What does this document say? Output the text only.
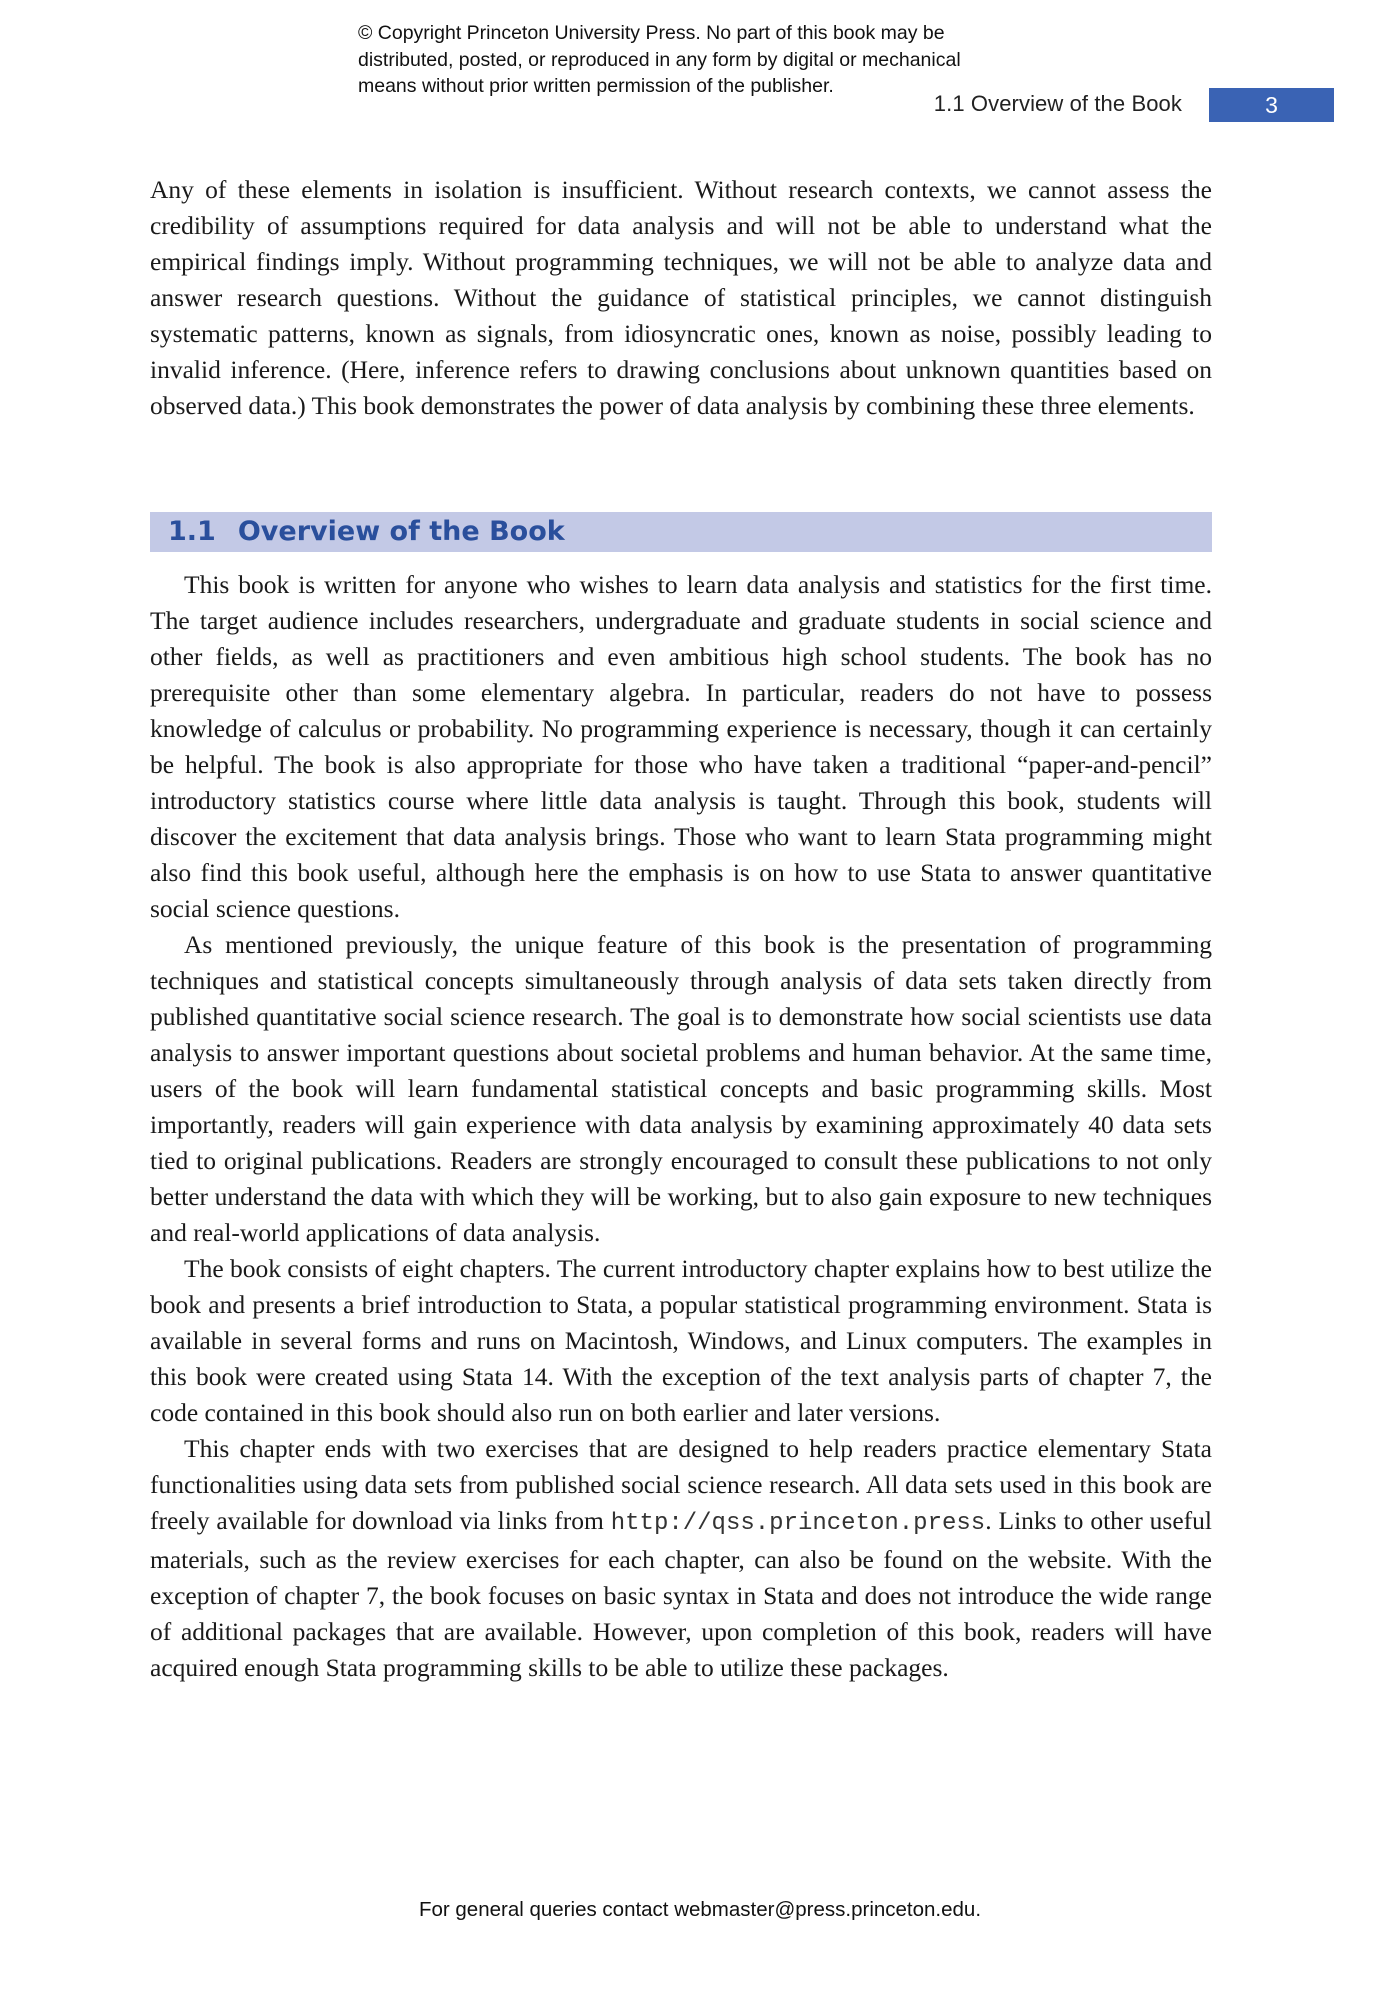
© Copyright Princeton University Press. No part of this book may be
distributed, posted, or reproduced in any form by digital or mechanical
means without prior written permission of the publisher.
1.1 Overview of the Book	3

Any of these elements in isolation is insufficient. Without research contexts, we cannot assess the credibility of assumptions required for data analysis and will not be able to understand what the empirical findings imply. Without programming techniques, we will not be able to analyze data and answer research questions. Without the guidance of statistical principles, we cannot distinguish systematic patterns, known as signals, from idiosyncratic ones, known as noise, possibly leading to invalid inference. (Here, inference refers to drawing conclusions about unknown quantities based on observed data.) This book demonstrates the power of data analysis by combining these three elements.

1.1 Overview of the Book

This book is written for anyone who wishes to learn data analysis and statistics for the first time. The target audience includes researchers, undergraduate and graduate students in social science and other fields, as well as practitioners and even ambitious high school students. The book has no prerequisite other than some elementary algebra. In particular, readers do not have to possess knowledge of calculus or probability. No programming experience is necessary, though it can certainly be helpful. The book is also appropriate for those who have taken a traditional “paper-and-pencil” introductory statistics course where little data analysis is taught. Through this book, students will discover the excitement that data analysis brings. Those who want to learn Stata programming might also find this book useful, although here the emphasis is on how to use Stata to answer quantitative social science questions.

As mentioned previously, the unique feature of this book is the presentation of programming techniques and statistical concepts simultaneously through analysis of data sets taken directly from published quantitative social science research. The goal is to demonstrate how social scientists use data analysis to answer important questions about societal problems and human behavior. At the same time, users of the book will learn fundamental statistical concepts and basic programming skills. Most importantly, readers will gain experience with data analysis by examining approximately 40 data sets tied to original publications. Readers are strongly encouraged to consult these publications to not only better understand the data with which they will be working, but to also gain exposure to new techniques and real-world applications of data analysis.

The book consists of eight chapters. The current introductory chapter explains how to best utilize the book and presents a brief introduction to Stata, a popular statistical programming environment. Stata is available in several forms and runs on Macintosh, Windows, and Linux computers. The examples in this book were created using Stata 14. With the exception of the text analysis parts of chapter 7, the code contained in this book should also run on both earlier and later versions.

This chapter ends with two exercises that are designed to help readers practice elementary Stata functionalities using data sets from published social science research. All data sets used in this book are freely available for download via links from http://qss.princeton.press. Links to other useful materials, such as the review exercises for each chapter, can also be found on the website. With the exception of chapter 7, the book focuses on basic syntax in Stata and does not introduce the wide range of additional packages that are available. However, upon completion of this book, readers will have acquired enough Stata programming skills to be able to utilize these packages.

For general queries contact webmaster@press.princeton.edu.
